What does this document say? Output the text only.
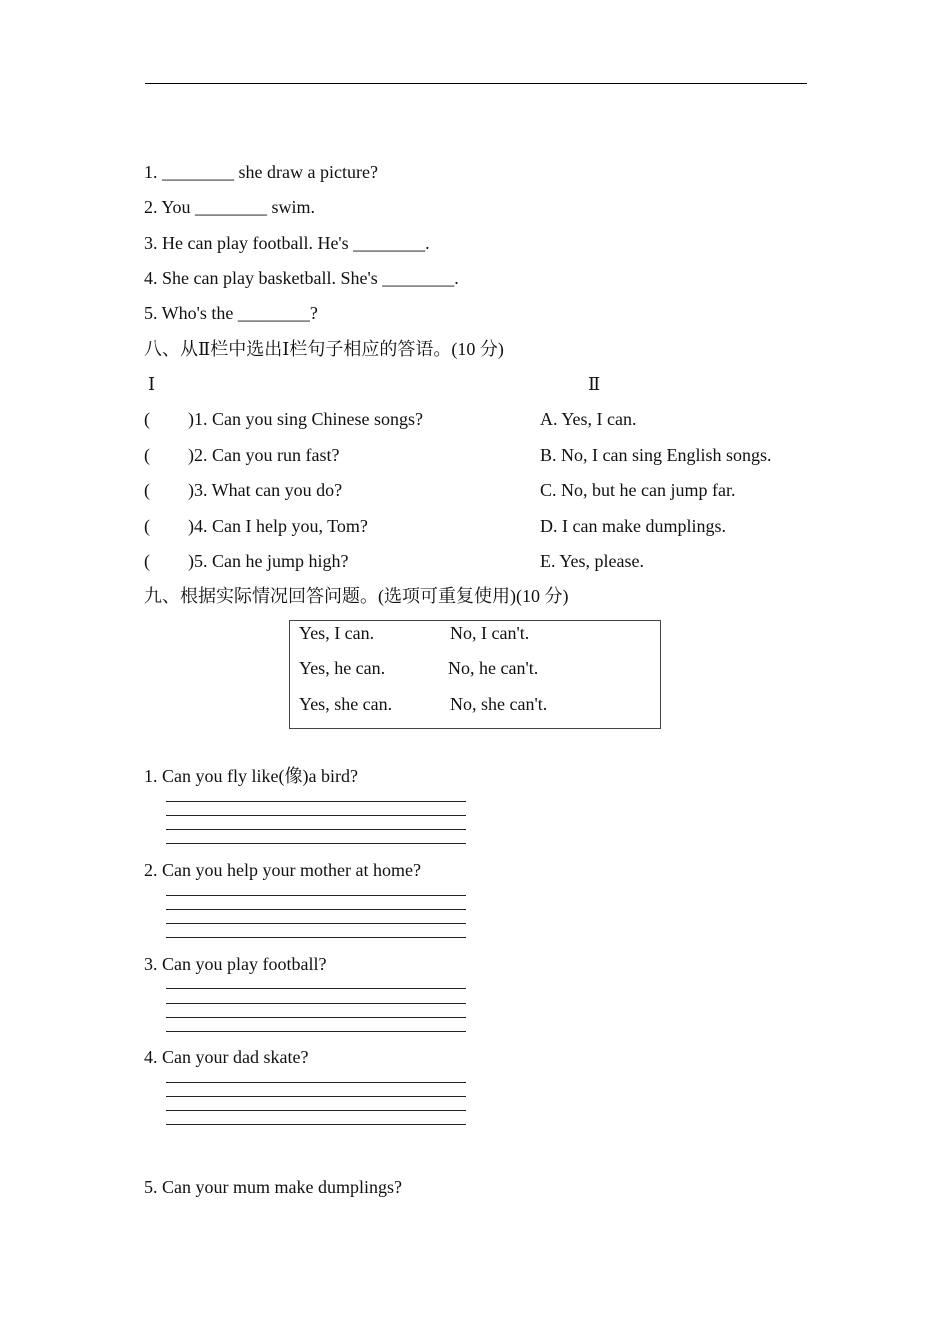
1. ________ she draw a picture?
2. You ________ swim.
3. He can play football. He's ________.
4. She can play basketball. She's ________.
5. Who's the ________?
八、从Ⅱ栏中选出Ⅰ栏句子相应的答语。(10 分)
Ⅰ	Ⅱ
( )1. Can you sing Chinese songs?	A. Yes, I can.
( )2. Can you run fast?	B. No, I can sing English songs.
( )3. What can you do?	C. No, but he can jump far.
( )4. Can I help you, Tom?	D. I can make dumplings.
( )5. Can he jump high?	E. Yes, please.
九、根据实际情况回答问题。(选项可重复使用)(10 分)
Yes, I can.	No, I can't.
Yes, he can.	No, he can't.
Yes, she can.	No, she can't.
1. Can you fly like(像)a bird?
2. Can you help your mother at home?
3. Can you play football?
4. Can your dad skate?
5. Can your mum make dumplings?
